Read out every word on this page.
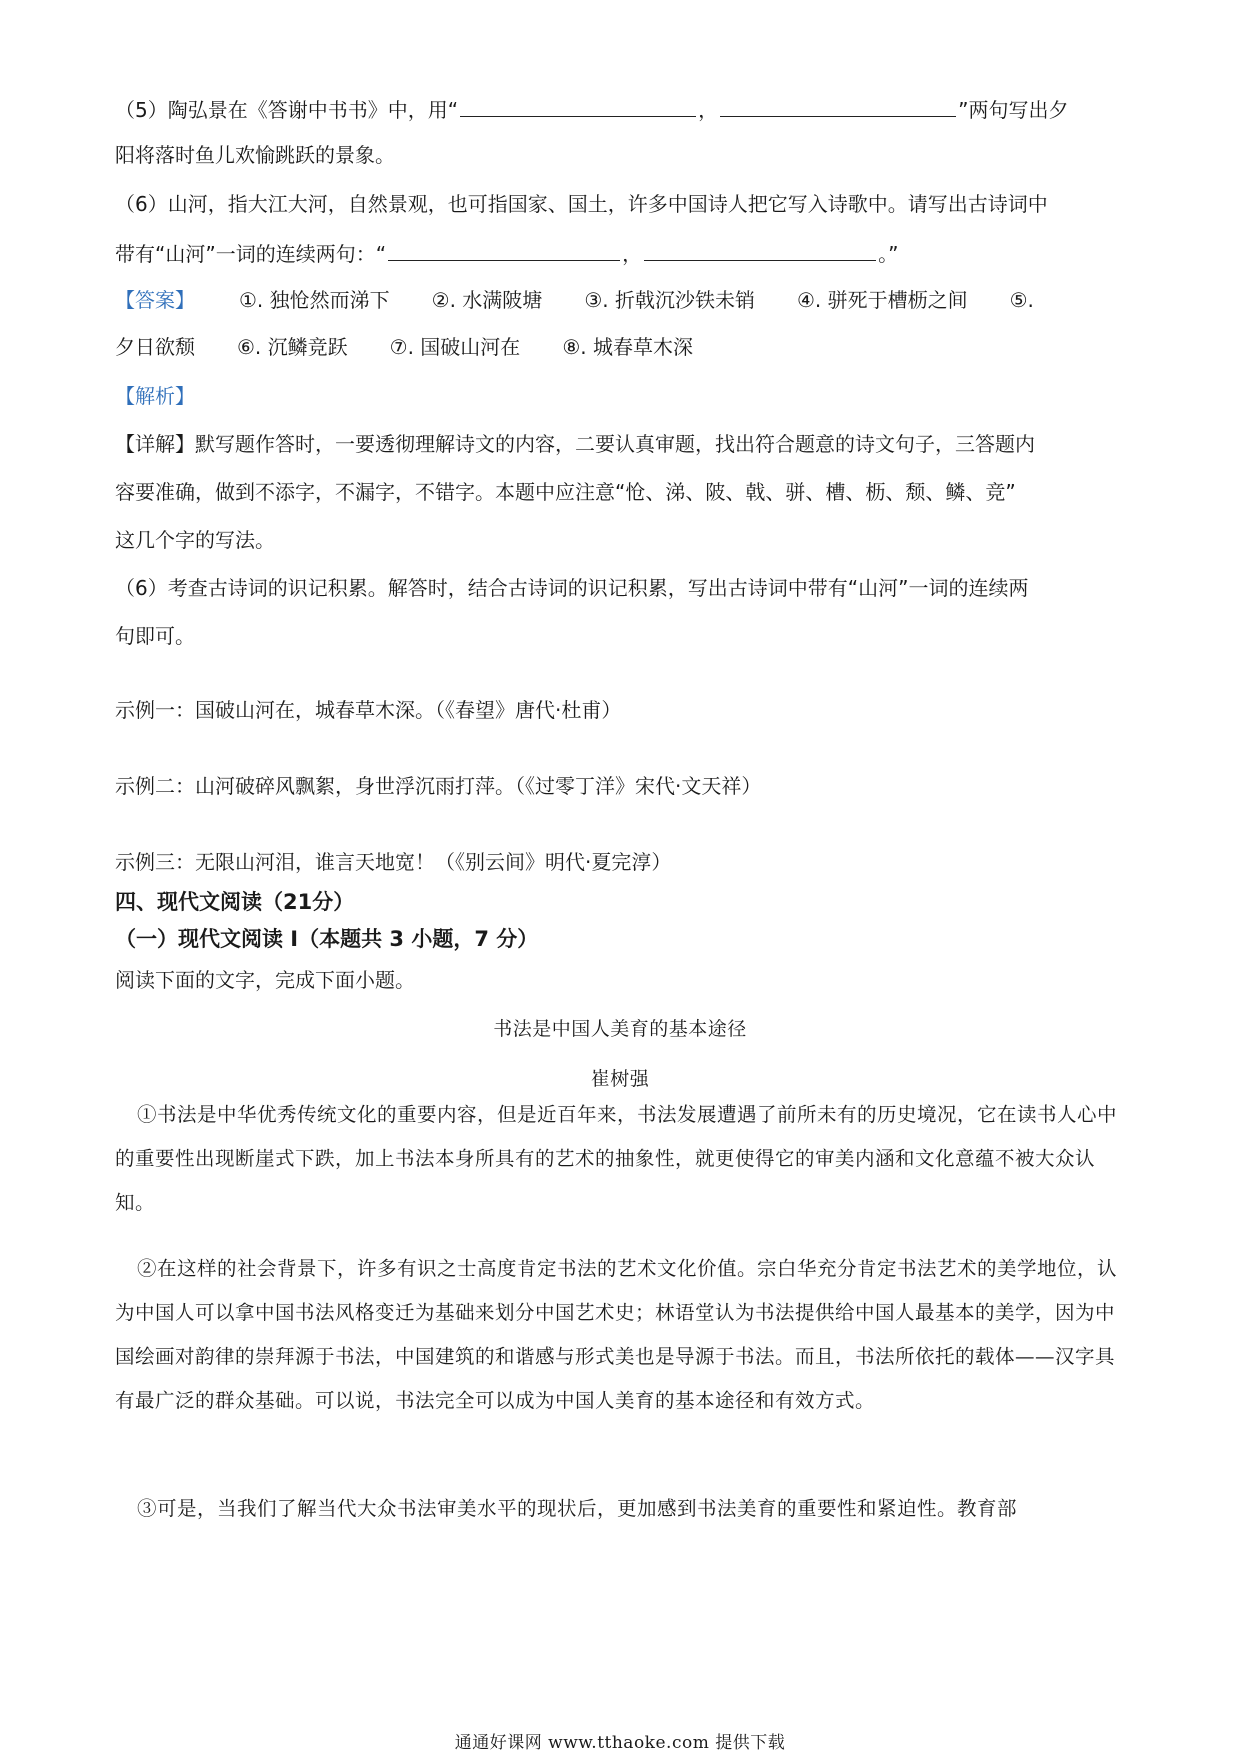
（5）陶弘景在《答谢中书书》中，用“	，	”两句写出夕
阳将落时鱼儿欢愉跳跃的景象。
（6）山河，指大江大河，自然景观，也可指国家、国土，许多中国诗人把它写入诗歌中。请写出古诗词中
带有“山河”一词的连续两句：“	，	。”
【答案】 ①. 独怆然而涕下 ②. 水满陂塘 ③. 折戟沉沙铁未销 ④. 骈死于槽枥之间 ⑤.
夕日欲颓 ⑥. 沉鳞竞跃 ⑦. 国破山河在 ⑧. 城春草木深
【解析】
【详解】默写题作答时，一要透彻理解诗文的内容，二要认真审题，找出符合题意的诗文句子，三答题内
容要准确，做到不添字，不漏字，不错字。本题中应注意“怆、涕、陂、戟、骈、槽、枥、颓、鳞、竞”
这几个字的写法。
（6）考查古诗词的识记积累。解答时，结合古诗词的识记积累，写出古诗词中带有“山河”一词的连续两
句即可。
示例一：国破山河在，城春草木深。（《春望》唐代·杜甫）
示例二：山河破碎风飘絮，身世浮沉雨打萍。（《过零丁洋》宋代·文天祥）
示例三：无限山河泪，谁言天地宽！（《别云间》明代·夏完淳）
四、现代文阅读（21分）
（一）现代文阅读 I（本题共 3 小题，7 分）
阅读下面的文字，完成下面小题。
书法是中国人美育的基本途径
崔树强
①书法是中华优秀传统文化的重要内容，但是近百年来，书法发展遭遇了前所未有的历史境况，它在读书人心中的重要性出现断崖式下跌，加上书法本身所具有的艺术的抽象性，就更使得它的审美内涵和文化意蕴不被大众认知。
②在这样的社会背景下，许多有识之士高度肯定书法的艺术文化价值。宗白华充分肯定书法艺术的美学地位，认为中国人可以拿中国书法风格变迁为基础来划分中国艺术史；林语堂认为书法提供给中国人最基本的美学，因为中国绘画对韵律的崇拜源于书法，中国建筑的和谐感与形式美也是导源于书法。而且，书法所依托的载体——汉字具有最广泛的群众基础。可以说，书法完全可以成为中国人美育的基本途径和有效方式。
③可是，当我们了解当代大众书法审美水平的现状后，更加感到书法美育的重要性和紧迫性。教育部
通通好课网 www.tthaoke.com 提供下载
